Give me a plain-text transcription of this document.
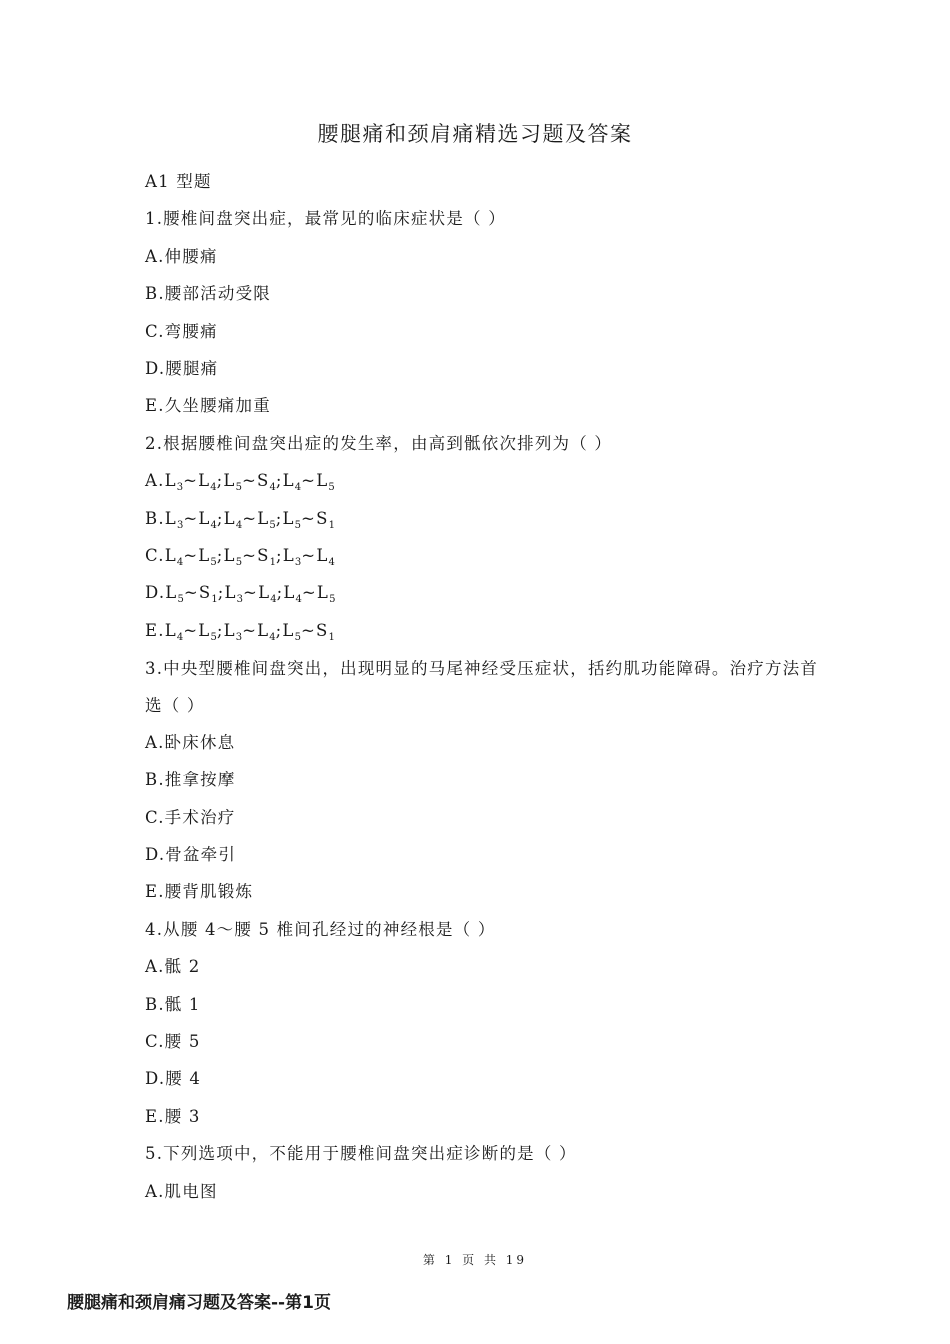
腰腿痛和颈肩痛精选习题及答案
A1 型题
1.腰椎间盘突出症，最常见的临床症状是（ ）
A.伸腰痛
B.腰部活动受限
C.弯腰痛
D.腰腿痛
E.久坐腰痛加重
2.根据腰椎间盘突出症的发生率，由高到骶依次排列为（ ）
$A.L_3\sim L_4;L_5\sim S_4;L_4\sim L_5$
$B.L_3\sim L_4;L_4\sim L_5;L_5\sim S_1$
$C.L_4\sim L_5;L_5\sim S_1;L_3\sim L_4$
$D.L_5\sim S_1;L_3\sim L_4;L_4\sim L_5$
$E.L_4\sim L_5;L_3\sim L_4;L_5\sim S_1$
3.中央型腰椎间盘突出，出现明显的马尾神经受压症状，括约肌功能障碍。治疗方法首选（ ）
A.卧床休息
B.推拿按摩
C.手术治疗
D.骨盆牵引
E.腰背肌锻炼
4.从腰 4～腰 5 椎间孔经过的神经根是（ ）
A.骶 2
B.骶 1
C.腰 5
D.腰 4
E.腰 3
5.下列选项中，不能用于腰椎间盘突出症诊断的是（ ）
A.肌电图
第 1 页 共 19
腰腿痛和颈肩痛习题及答案--第1页
